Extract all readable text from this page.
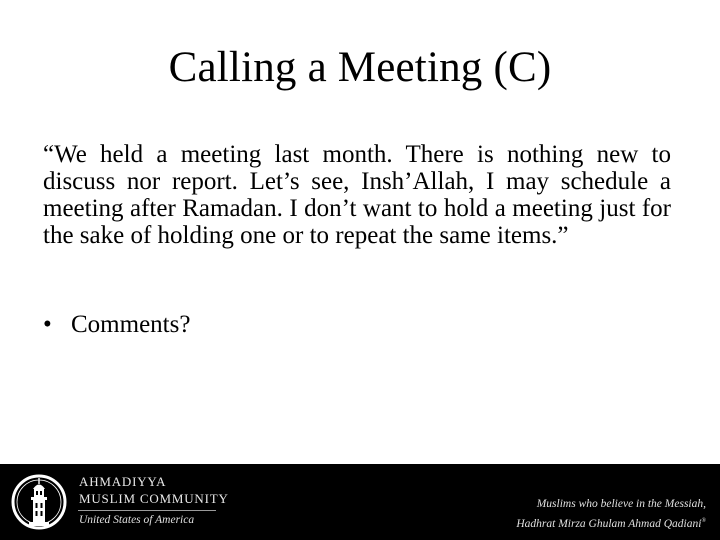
Calling a Meeting (C)
“We held a meeting last month. There is nothing new to discuss nor report. Let’s see, Insh’Allah, I may schedule a meeting after Ramadan. I don’t want to hold a meeting just for the sake of holding one or to repeat the same items.”
• Comments?
AHMADIYYA
MUSLIM COMMUNITY
United States of America
Muslims who believe in the Messiah,
Hadhrat Mirza Ghulam Ahmad Qadiani®
